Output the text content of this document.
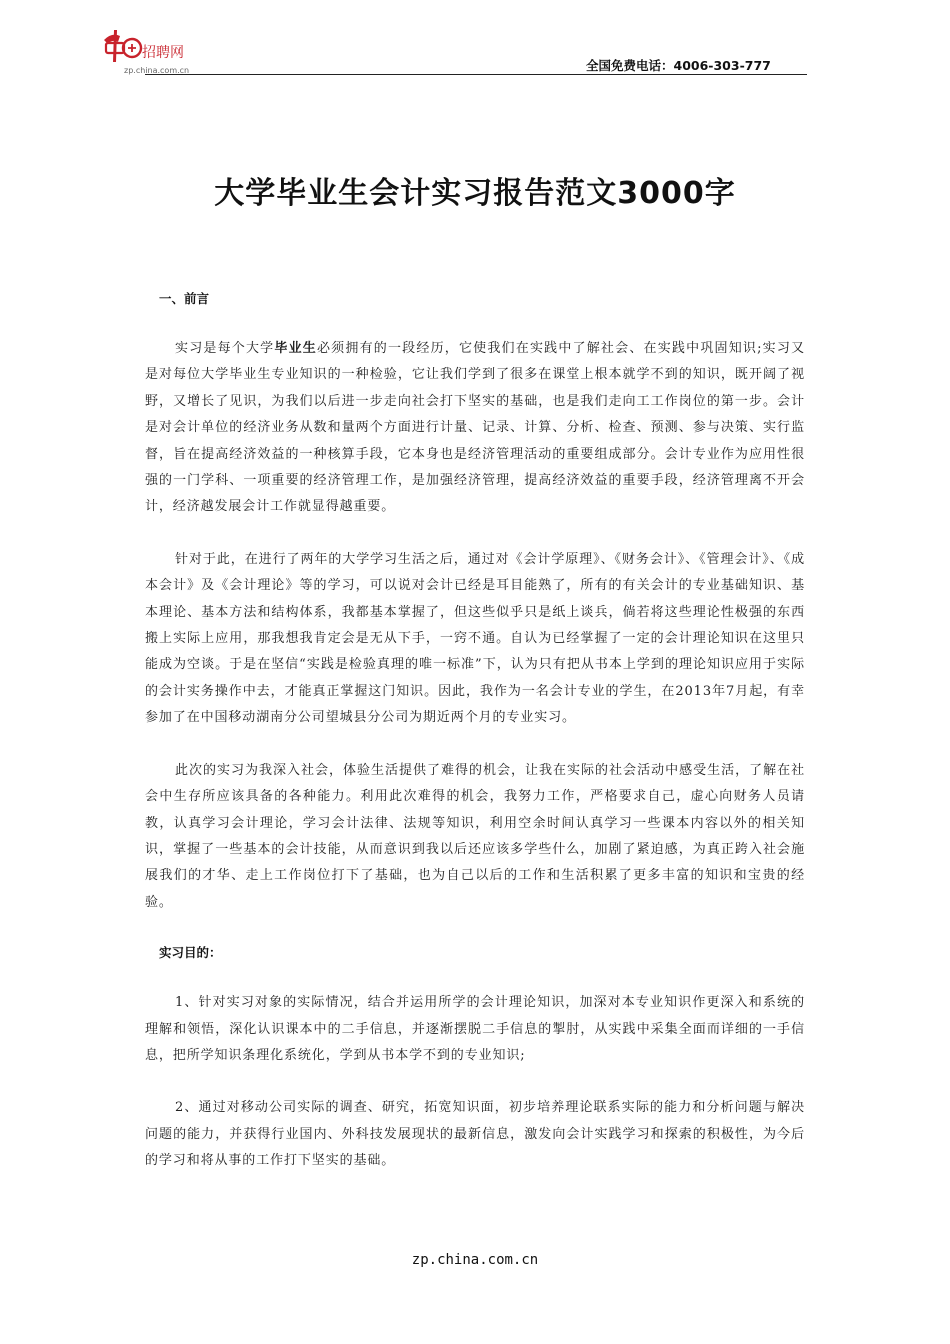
招聘网
zp.china.com.cn	全国免费电话：4006-303-777
大学毕业生会计实习报告范文3000字
一、前言

实习是每个大学毕业生必须拥有的一段经历，它使我们在实践中了解社会、在实践中巩固知识;实习又是对每位大学毕业生专业知识的一种检验，它让我们学到了很多在课堂上根本就学不到的知识，既开阔了视野，又增长了见识，为我们以后进一步走向社会打下坚实的基础，也是我们走向工工作岗位的第一步。会计是对会计单位的经济业务从数和量两个方面进行计量、记录、计算、分析、检查、预测、参与决策、实行监督，旨在提高经济效益的一种核算手段，它本身也是经济管理活动的重要组成部分。会计专业作为应用性很强的一门学科、一项重要的经济管理工作，是加强经济管理，提高经济效益的重要手段，经济管理离不开会计，经济越发展会计工作就显得越重要。

针对于此，在进行了两年的大学学习生活之后，通过对《会计学原理》、《财务会计》、《管理会计》、《成本会计》及《会计理论》等的学习，可以说对会计已经是耳目能熟了，所有的有关会计的专业基础知识、基本理论、基本方法和结构体系，我都基本掌握了，但这些似乎只是纸上谈兵，倘若将这些理论性极强的东西搬上实际上应用，那我想我肯定会是无从下手，一窍不通。自认为已经掌握了一定的会计理论知识在这里只能成为空谈。于是在坚信“实践是检验真理的唯一标准”下，认为只有把从书本上学到的理论知识应用于实际的会计实务操作中去，才能真正掌握这门知识。因此，我作为一名会计专业的学生，在2013年7月起，有幸参加了在中国移动湖南分公司望城县分公司为期近两个月的专业实习。

此次的实习为我深入社会，体验生活提供了难得的机会，让我在实际的社会活动中感受生活，了解在社会中生存所应该具备的各种能力。利用此次难得的机会，我努力工作，严格要求自己，虚心向财务人员请教，认真学习会计理论，学习会计法律、法规等知识，利用空余时间认真学习一些课本内容以外的相关知识，掌握了一些基本的会计技能，从而意识到我以后还应该多学些什么，加剧了紧迫感，为真正跨入社会施展我们的才华、走上工作岗位打下了基础，也为自己以后的工作和生活积累了更多丰富的知识和宝贵的经验。

实习目的：

1、针对实习对象的实际情况，结合并运用所学的会计理论知识，加深对本专业知识作更深入和系统的理解和领悟，深化认识课本中的二手信息，并逐渐摆脱二手信息的掣肘，从实践中采集全面而详细的一手信息，把所学知识条理化系统化，学到从书本学不到的专业知识;

2、通过对移动公司实际的调查、研究，拓宽知识面，初步培养理论联系实际的能力和分析问题与解决问题的能力，并获得行业国内、外科技发展现状的最新信息，激发向会计实践学习和探索的积极性，为今后的学习和将从事的工作打下坚实的基础。

zp.china.com.cn
